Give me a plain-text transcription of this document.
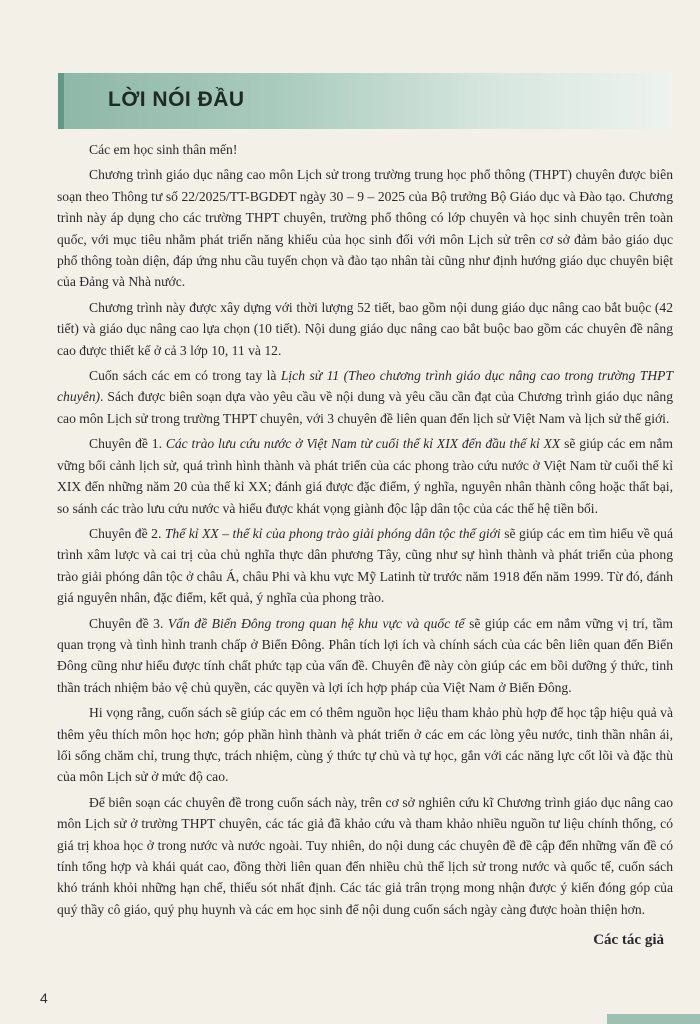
LỜI NÓI ĐẦU

Các em học sinh thân mến!

Chương trình giáo dục nâng cao môn Lịch sử trong trường trung học phổ thông (THPT) chuyên được biên soạn theo Thông tư số 22/2025/TT-BGDĐT ngày 30 – 9 – 2025 của Bộ trưởng Bộ Giáo dục và Đào tạo. Chương trình này áp dụng cho các trường THPT chuyên, trường phổ thông có lớp chuyên và học sinh chuyên trên toàn quốc, với mục tiêu nhằm phát triển năng khiếu của học sinh đối với môn Lịch sử trên cơ sở đảm bảo giáo dục phổ thông toàn diện, đáp ứng nhu cầu tuyển chọn và đào tạo nhân tài cũng như định hướng giáo dục chuyên biệt của Đảng và Nhà nước.

Chương trình này được xây dựng với thời lượng 52 tiết, bao gồm nội dung giáo dục nâng cao bắt buộc (42 tiết) và giáo dục nâng cao lựa chọn (10 tiết). Nội dung giáo dục nâng cao bắt buộc bao gồm các chuyên đề nâng cao được thiết kế ở cả 3 lớp 10, 11 và 12.

Cuốn sách các em có trong tay là Lịch sử 11 (Theo chương trình giáo dục nâng cao trong trường THPT chuyên). Sách được biên soạn dựa vào yêu cầu về nội dung và yêu cầu cần đạt của Chương trình giáo dục nâng cao môn Lịch sử trong trường THPT chuyên, với 3 chuyên đề liên quan đến lịch sử Việt Nam và lịch sử thế giới.

Chuyên đề 1. Các trào lưu cứu nước ở Việt Nam từ cuối thế kỉ XIX đến đầu thế kỉ XX sẽ giúp các em nắm vững bối cảnh lịch sử, quá trình hình thành và phát triển của các phong trào cứu nước ở Việt Nam từ cuối thế kỉ XIX đến những năm 20 của thế kỉ XX; đánh giá được đặc điểm, ý nghĩa, nguyên nhân thành công hoặc thất bại, so sánh các trào lưu cứu nước và hiểu được khát vọng giành độc lập dân tộc của các thế hệ tiền bối.

Chuyên đề 2. Thế kỉ XX – thế kỉ của phong trào giải phóng dân tộc thế giới sẽ giúp các em tìm hiểu về quá trình xâm lược và cai trị của chủ nghĩa thực dân phương Tây, cũng như sự hình thành và phát triển của phong trào giải phóng dân tộc ở châu Á, châu Phi và khu vực Mỹ Latinh từ trước năm 1918 đến năm 1999. Từ đó, đánh giá nguyên nhân, đặc điểm, kết quả, ý nghĩa của phong trào.

Chuyên đề 3. Vấn đề Biển Đông trong quan hệ khu vực và quốc tế sẽ giúp các em nắm vững vị trí, tầm quan trọng và tình hình tranh chấp ở Biển Đông. Phân tích lợi ích và chính sách của các bên liên quan đến Biển Đông cũng như hiểu được tính chất phức tạp của vấn đề. Chuyên đề này còn giúp các em bồi dưỡng ý thức, tinh thần trách nhiệm bảo vệ chủ quyền, các quyền và lợi ích hợp pháp của Việt Nam ở Biển Đông.

Hi vọng rằng, cuốn sách sẽ giúp các em có thêm nguồn học liệu tham khảo phù hợp để học tập hiệu quả và thêm yêu thích môn học hơn; góp phần hình thành và phát triển ở các em các lòng yêu nước, tinh thần nhân ái, lối sống chăm chỉ, trung thực, trách nhiệm, cùng ý thức tự chủ và tự học, gắn với các năng lực cốt lõi và đặc thù của môn Lịch sử ở mức độ cao.

Để biên soạn các chuyên đề trong cuốn sách này, trên cơ sở nghiên cứu kĩ Chương trình giáo dục nâng cao môn Lịch sử ở trường THPT chuyên, các tác giả đã khảo cứu và tham khảo nhiều nguồn tư liệu chính thống, có giá trị khoa học ở trong nước và nước ngoài. Tuy nhiên, do nội dung các chuyên đề đề cập đến những vấn đề có tính tổng hợp và khái quát cao, đồng thời liên quan đến nhiều chủ thể lịch sử trong nước và quốc tế, cuốn sách khó tránh khỏi những hạn chế, thiếu sót nhất định. Các tác giả trân trọng mong nhận được ý kiến đóng góp của quý thầy cô giáo, quý phụ huynh và các em học sinh để nội dung cuốn sách ngày càng được hoàn thiện hơn.

Các tác giả
4
